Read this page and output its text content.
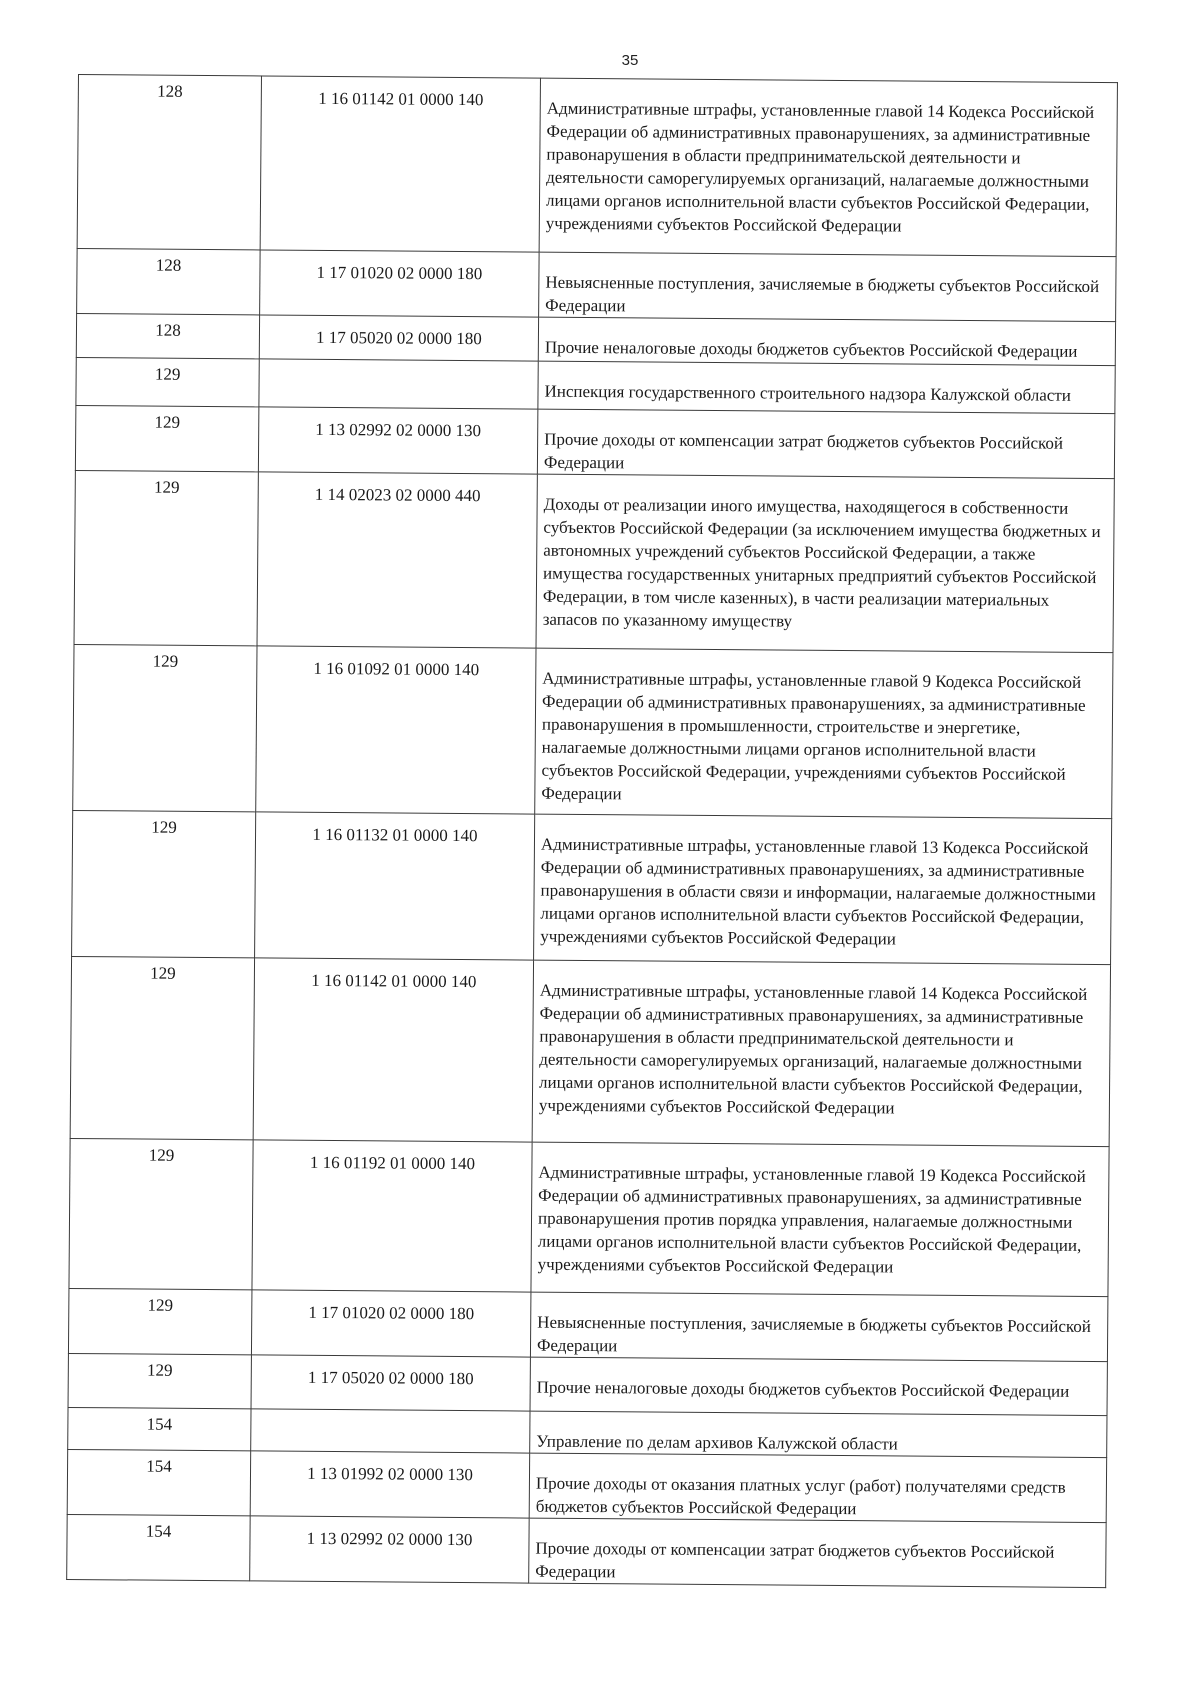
35
128	1 16 01142 01 0000 140	Административные штрафы, установленные главой 14 Кодекса Российской Федерации об административных правонарушениях, за административные правонарушения в области предпринимательской деятельности и деятельности саморегулируемых организаций, налагаемые должностными лицами органов исполнительной власти субъектов Российской Федерации, учреждениями субъектов Российской Федерации

128	1 17 01020 02 0000 180	Невыясненные поступления, зачисляемые в бюджеты субъектов Российской Федерации

128	1 17 05020 02 0000 180	Прочие неналоговые доходы бюджетов субъектов Российской Федерации

129		Инспекция государственного строительного надзора Калужской области

129	1 13 02992 02 0000 130	Прочие доходы от компенсации затрат бюджетов субъектов Российской Федерации

129	1 14 02023 02 0000 440	Доходы от реализации иного имущества, находящегося в собственности субъектов Российской Федерации (за исключением имущества бюджетных и автономных учреждений субъектов Российской Федерации, а также имущества государственных унитарных предприятий субъектов Российской Федерации, в том числе казенных), в части реализации материальных запасов по указанному имуществу

129	1 16 01092 01 0000 140	Административные штрафы, установленные главой 9 Кодекса Российской Федерации об административных правонарушениях, за административные правонарушения в промышленности, строительстве и энергетике, налагаемые должностными лицами органов исполнительной власти субъектов Российской Федерации, учреждениями субъектов Российской Федерации

129	1 16 01132 01 0000 140	Административные штрафы, установленные главой 13 Кодекса Российской Федерации об административных правонарушениях, за административные правонарушения в области связи и информации, налагаемые должностными лицами органов исполнительной власти субъектов Российской Федерации, учреждениями субъектов Российской Федерации

129	1 16 01142 01 0000 140	Административные штрафы, установленные главой 14 Кодекса Российской Федерации об административных правонарушениях, за административные правонарушения в области предпринимательской деятельности и деятельности саморегулируемых организаций, налагаемые должностными лицами органов исполнительной власти субъектов Российской Федерации, учреждениями субъектов Российской Федерации

129	1 16 01192 01 0000 140	Административные штрафы, установленные главой 19 Кодекса Российской Федерации об административных правонарушениях, за административные правонарушения против порядка управления, налагаемые должностными лицами органов исполнительной власти субъектов Российской Федерации, учреждениями субъектов Российской Федерации

129	1 17 01020 02 0000 180	Невыясненные поступления, зачисляемые в бюджеты субъектов Российской Федерации

129	1 17 05020 02 0000 180	Прочие неналоговые доходы бюджетов субъектов Российской Федерации

154		Управление по делам архивов Калужской области

154	1 13 01992 02 0000 130	Прочие доходы от оказания платных услуг (работ) получателями средств бюджетов субъектов Российской Федерации

154	1 13 02992 02 0000 130	Прочие доходы от компенсации затрат бюджетов субъектов Российской Федерации
